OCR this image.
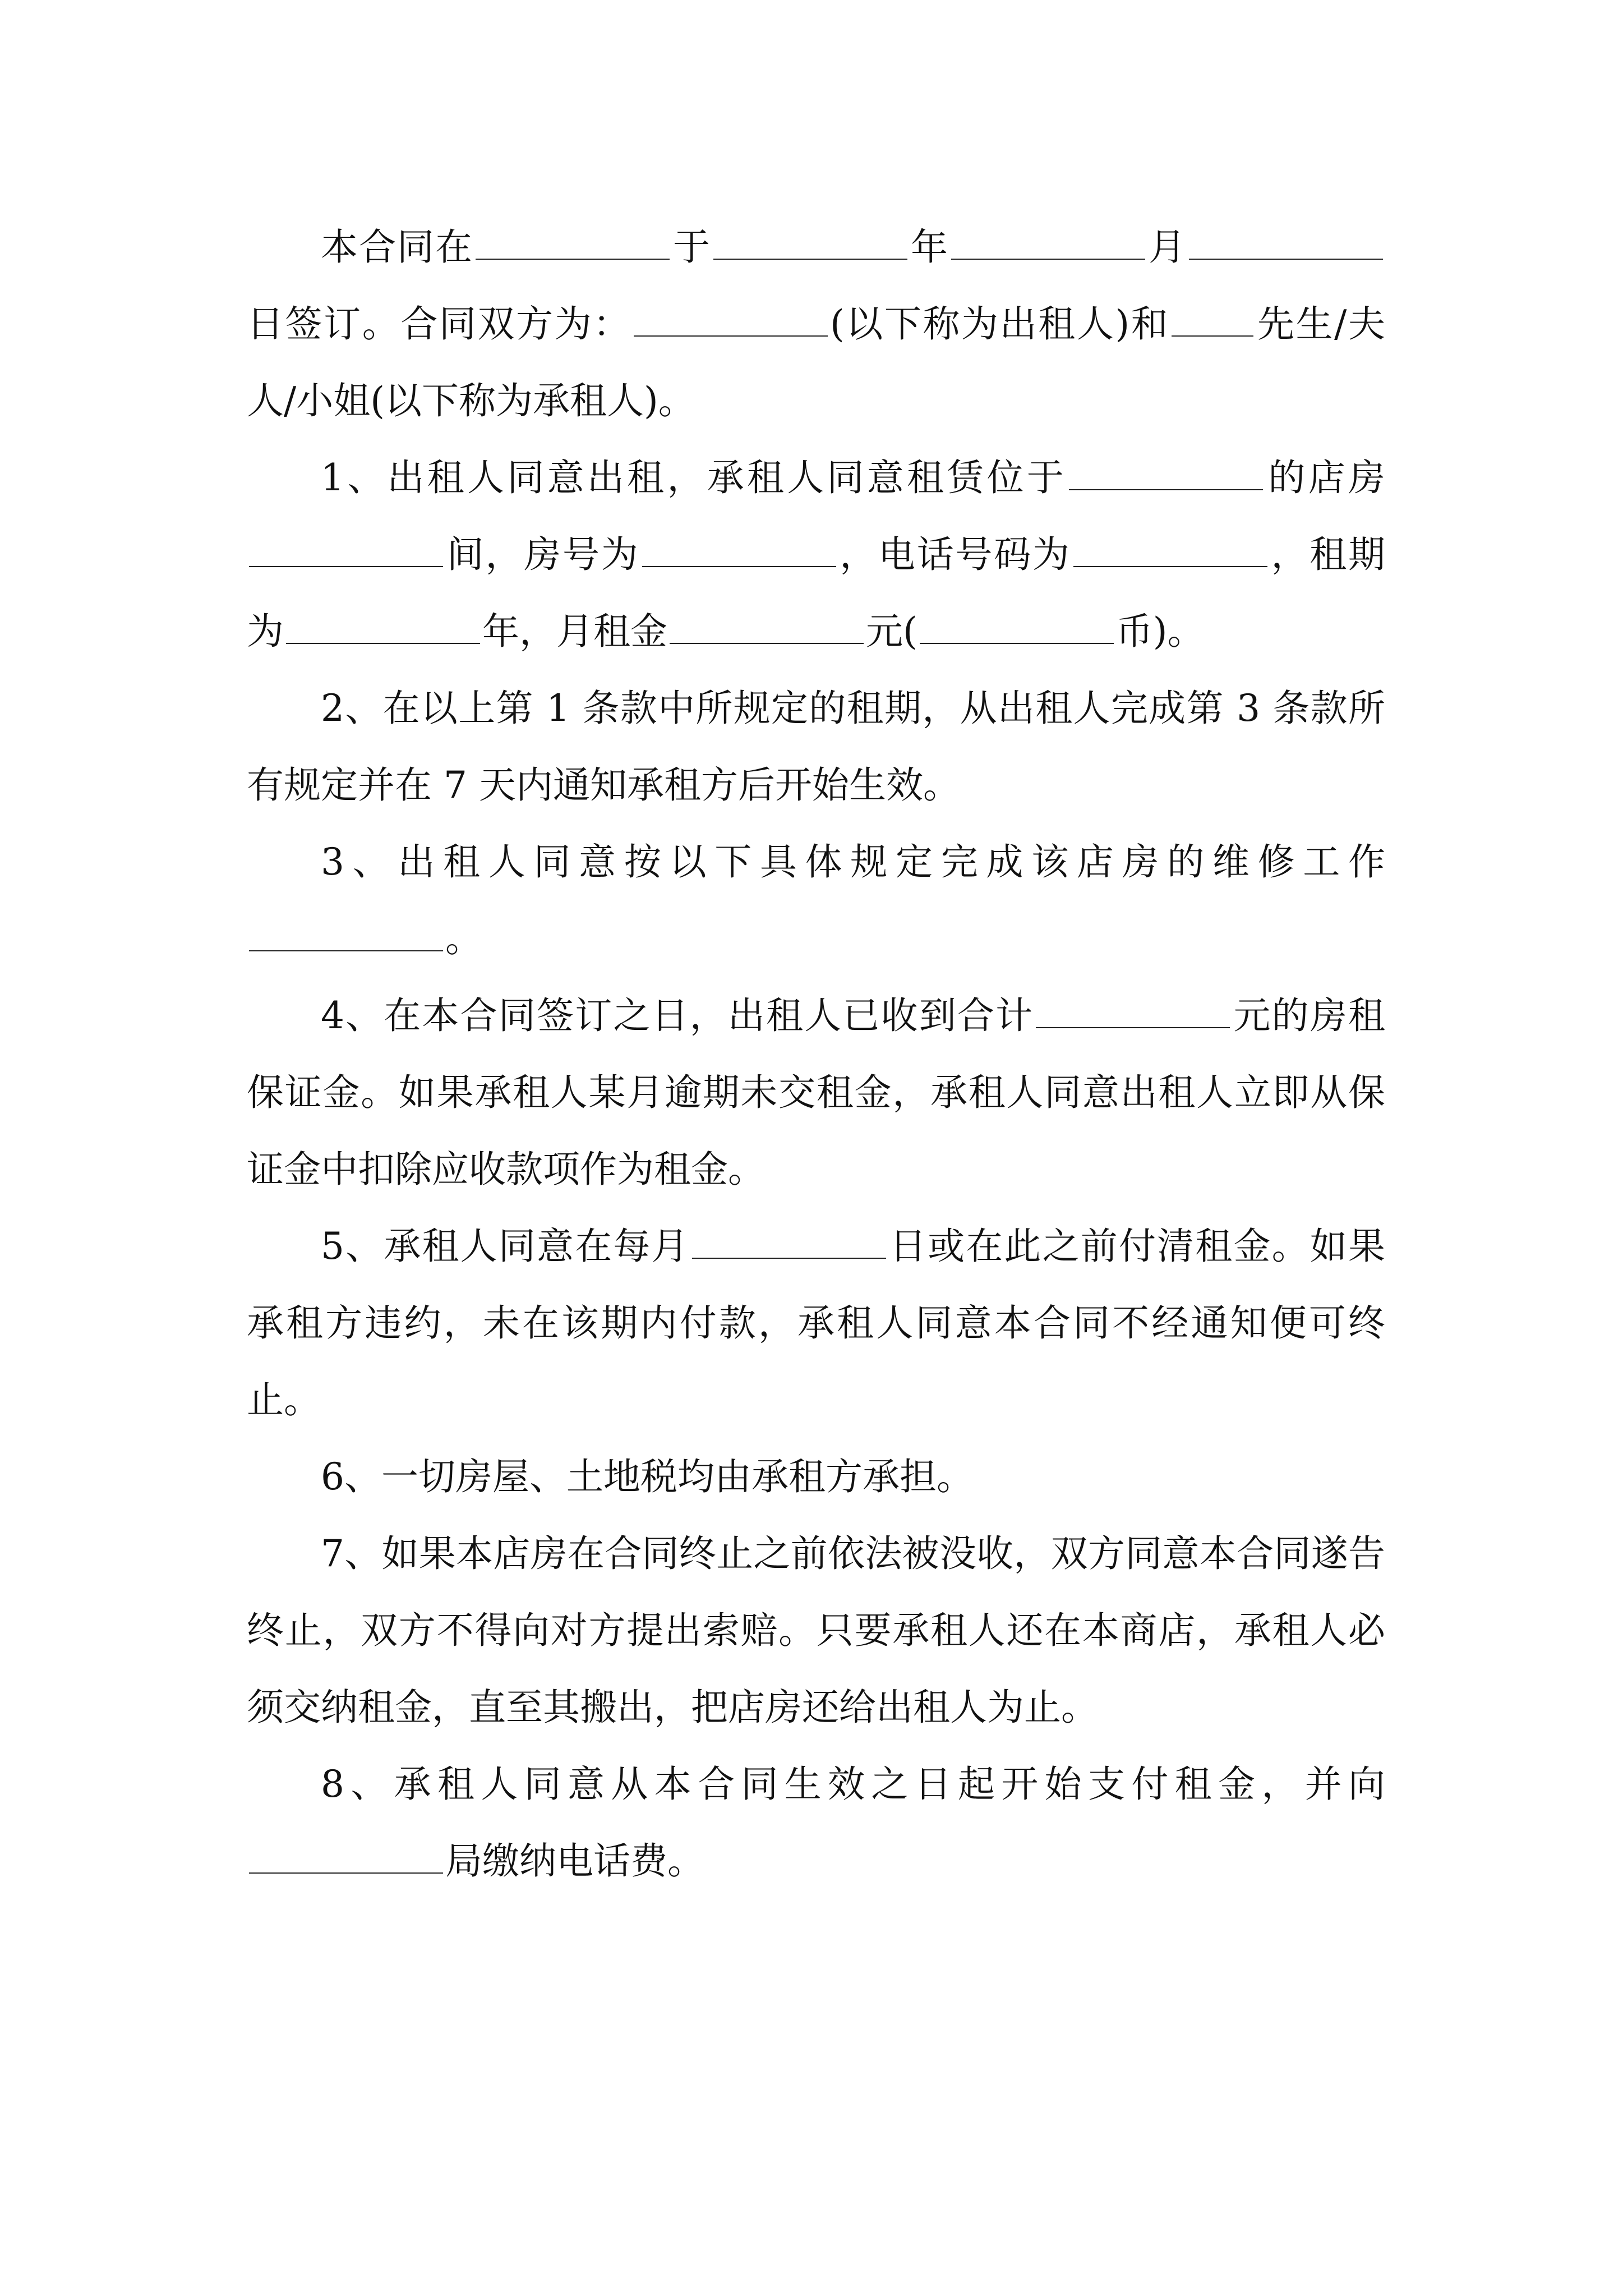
本合同在	于	年	月日签订。合同双方为：	(以下称为出租人)和 先生/夫人/小姐(以下称为承租人)。

1、出租人同意出租，承租人同意租赁位于	的店房间，房号为	，电话号码为	，租期为	年，月租金	元(	币)。

2、在以上第 1 条款中所规定的租期，从出租人完成第 3 条款所有规定并在 7 天内通知承租方后开始生效。

3、出租人同意按以下具体规定完成该店房的维修工作。

4、在本合同签订之日，出租人已收到合计	元的房租保证金。如果承租人某月逾期未交租金，承租人同意出租人立即从保证金中扣除应收款项作为租金。

5、承租人同意在每月	日或在此之前付清租金。如果承租方违约，未在该期内付款，承租人同意本合同不经通知便可终止。

6、一切房屋、土地税均由承租方承担。

7、如果本店房在合同终止之前依法被没收，双方同意本合同遂告终止，双方不得向对方提出索赔。只要承租人还在本商店，承租人必须交纳租金，直至其搬出，把店房还给出租人为止。

8、承租人同意从本合同生效之日起开始支付租金，并向局缴纳电话费。
